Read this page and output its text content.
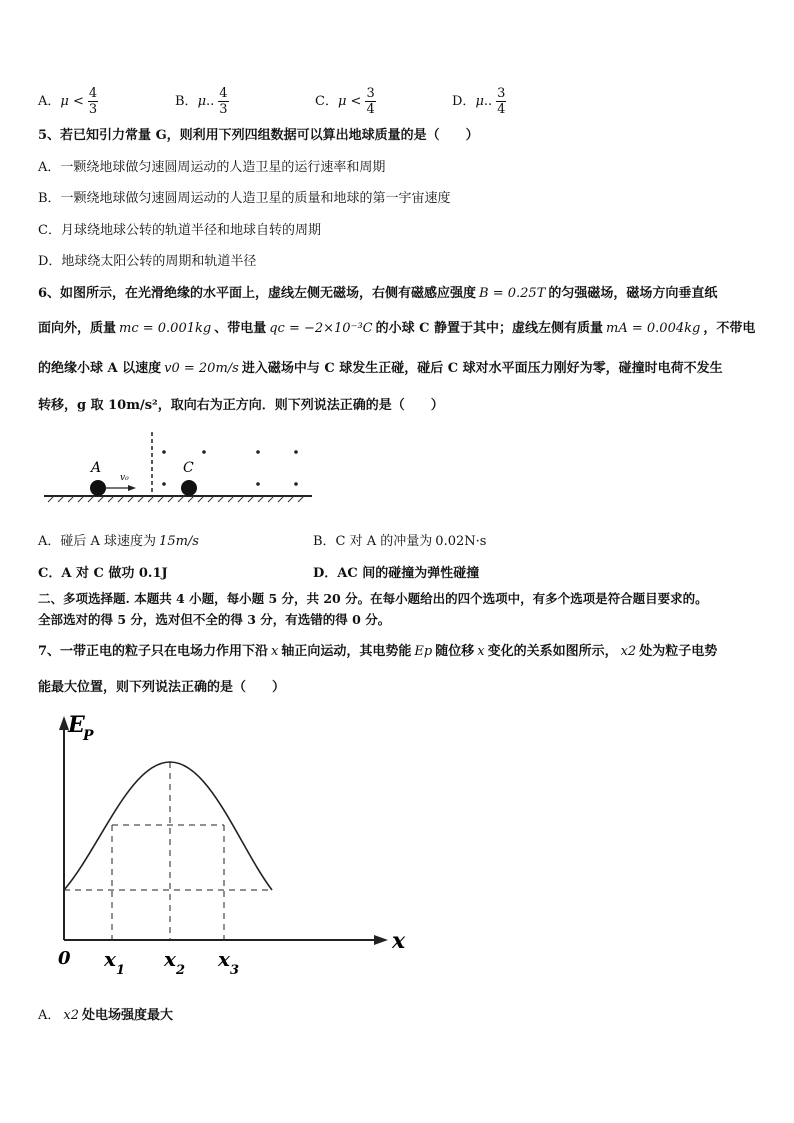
A．$\mu < \frac{4}{3}$	B．μ.. $\frac{4}{3}$	C．$\mu < \frac{3}{4}$	D．μ.. $\frac{3}{4}$
5、若已知引力常量 G，则利用下列四组数据可以算出地球质量的是（　　）
A．一颗绕地球做匀速圆周运动的人造卫星的运行速率和周期
B．一颗绕地球做匀速圆周运动的人造卫星的质量和地球的第一宇宙速度
C．月球绕地球公转的轨道半径和地球自转的周期
D．地球绕太阳公转的周期和轨道半径
6、如图所示，在光滑绝缘的水平面上，虚线左侧无磁场，右侧有磁感应强度 B = 0.25T 的匀强磁场，磁场方向垂直纸
面向外，质量 mc = 0.001kg 、带电量 qc = −2×10⁻³C 的小球 C 静置于其中；虚线左侧有质量 mA = 0.004kg ，不带电
的绝缘小球 A 以速度 v0 = 20m/s 进入磁场中与 C 球发生正碰，碰后 C 球对水平面压力刚好为零，碰撞时电荷不发生
转移，g 取 10m/s²，取向右为正方向．则下列说法正确的是（　　）
A
v₀
C
A．碰后 A 球速度为 15m/s	B．C 对 A 的冲量为 0.02N·s
C．A 对 C 做功 0.1J	D．AC 间的碰撞为弹性碰撞
二、多项选择题. 本题共 4 小题，每小题 5 分，共 20 分。在每小题给出的四个选项中，有多个选项是符合题目要求的。
全部选对的得 5 分，选对但不全的得 3 分，有选错的得 0 分。
7、一带正电的粒子只在电场力作用下沿 x 轴正向运动，其电势能 Ep 随位移 x 变化的关系如图所示， x2 处为粒子电势
能最大位置，则下列说法正确的是（　　）
E
P
x
0 x 1 x 2 x 3
A． x2 处电场强度最大
